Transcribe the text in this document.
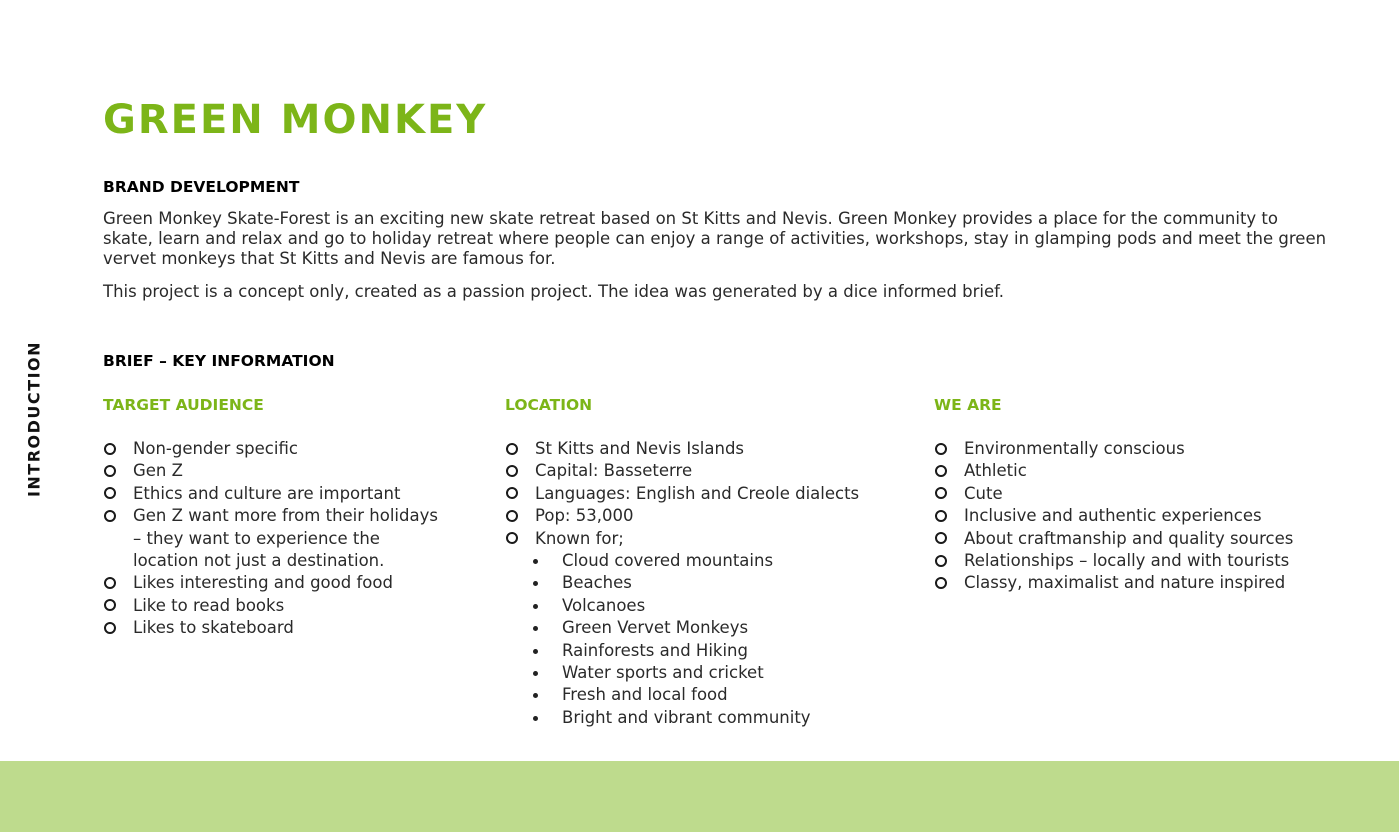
INTRODUCTION
GREEN MONKEY
BRAND DEVELOPMENT

Green Monkey Skate-Forest is an exciting new skate retreat based on St Kitts and Nevis. Green Monkey provides a place for the community to skate, learn and relax and go to holiday retreat where people can enjoy a range of activities, workshops, stay in glamping pods and meet the green vervet monkeys that St Kitts and Nevis are famous for.

This project is a concept only, created as a passion project. The idea was generated by a dice informed brief.

BRIEF – KEY INFORMATION
TARGET AUDIENCE
Non-gender specific
Gen Z
Ethics and culture are important
Gen Z want more from their holidays – they want to experience the location not just a destination.
Likes interesting and good food
Like to read books
Likes to skateboard
LOCATION
St Kitts and Nevis Islands
Capital: Basseterre
Languages: English and Creole dialects
Pop: 53,000
Known for;
Cloud covered mountains
Beaches
Volcanoes
Green Vervet Monkeys
Rainforests and Hiking
Water sports and cricket
Fresh and local food
Bright and vibrant community
WE ARE
Environmentally conscious
Athletic
Cute
Inclusive and authentic experiences
About craftmanship and quality sources
Relationships – locally and with tourists
Classy, maximalist and nature inspired
